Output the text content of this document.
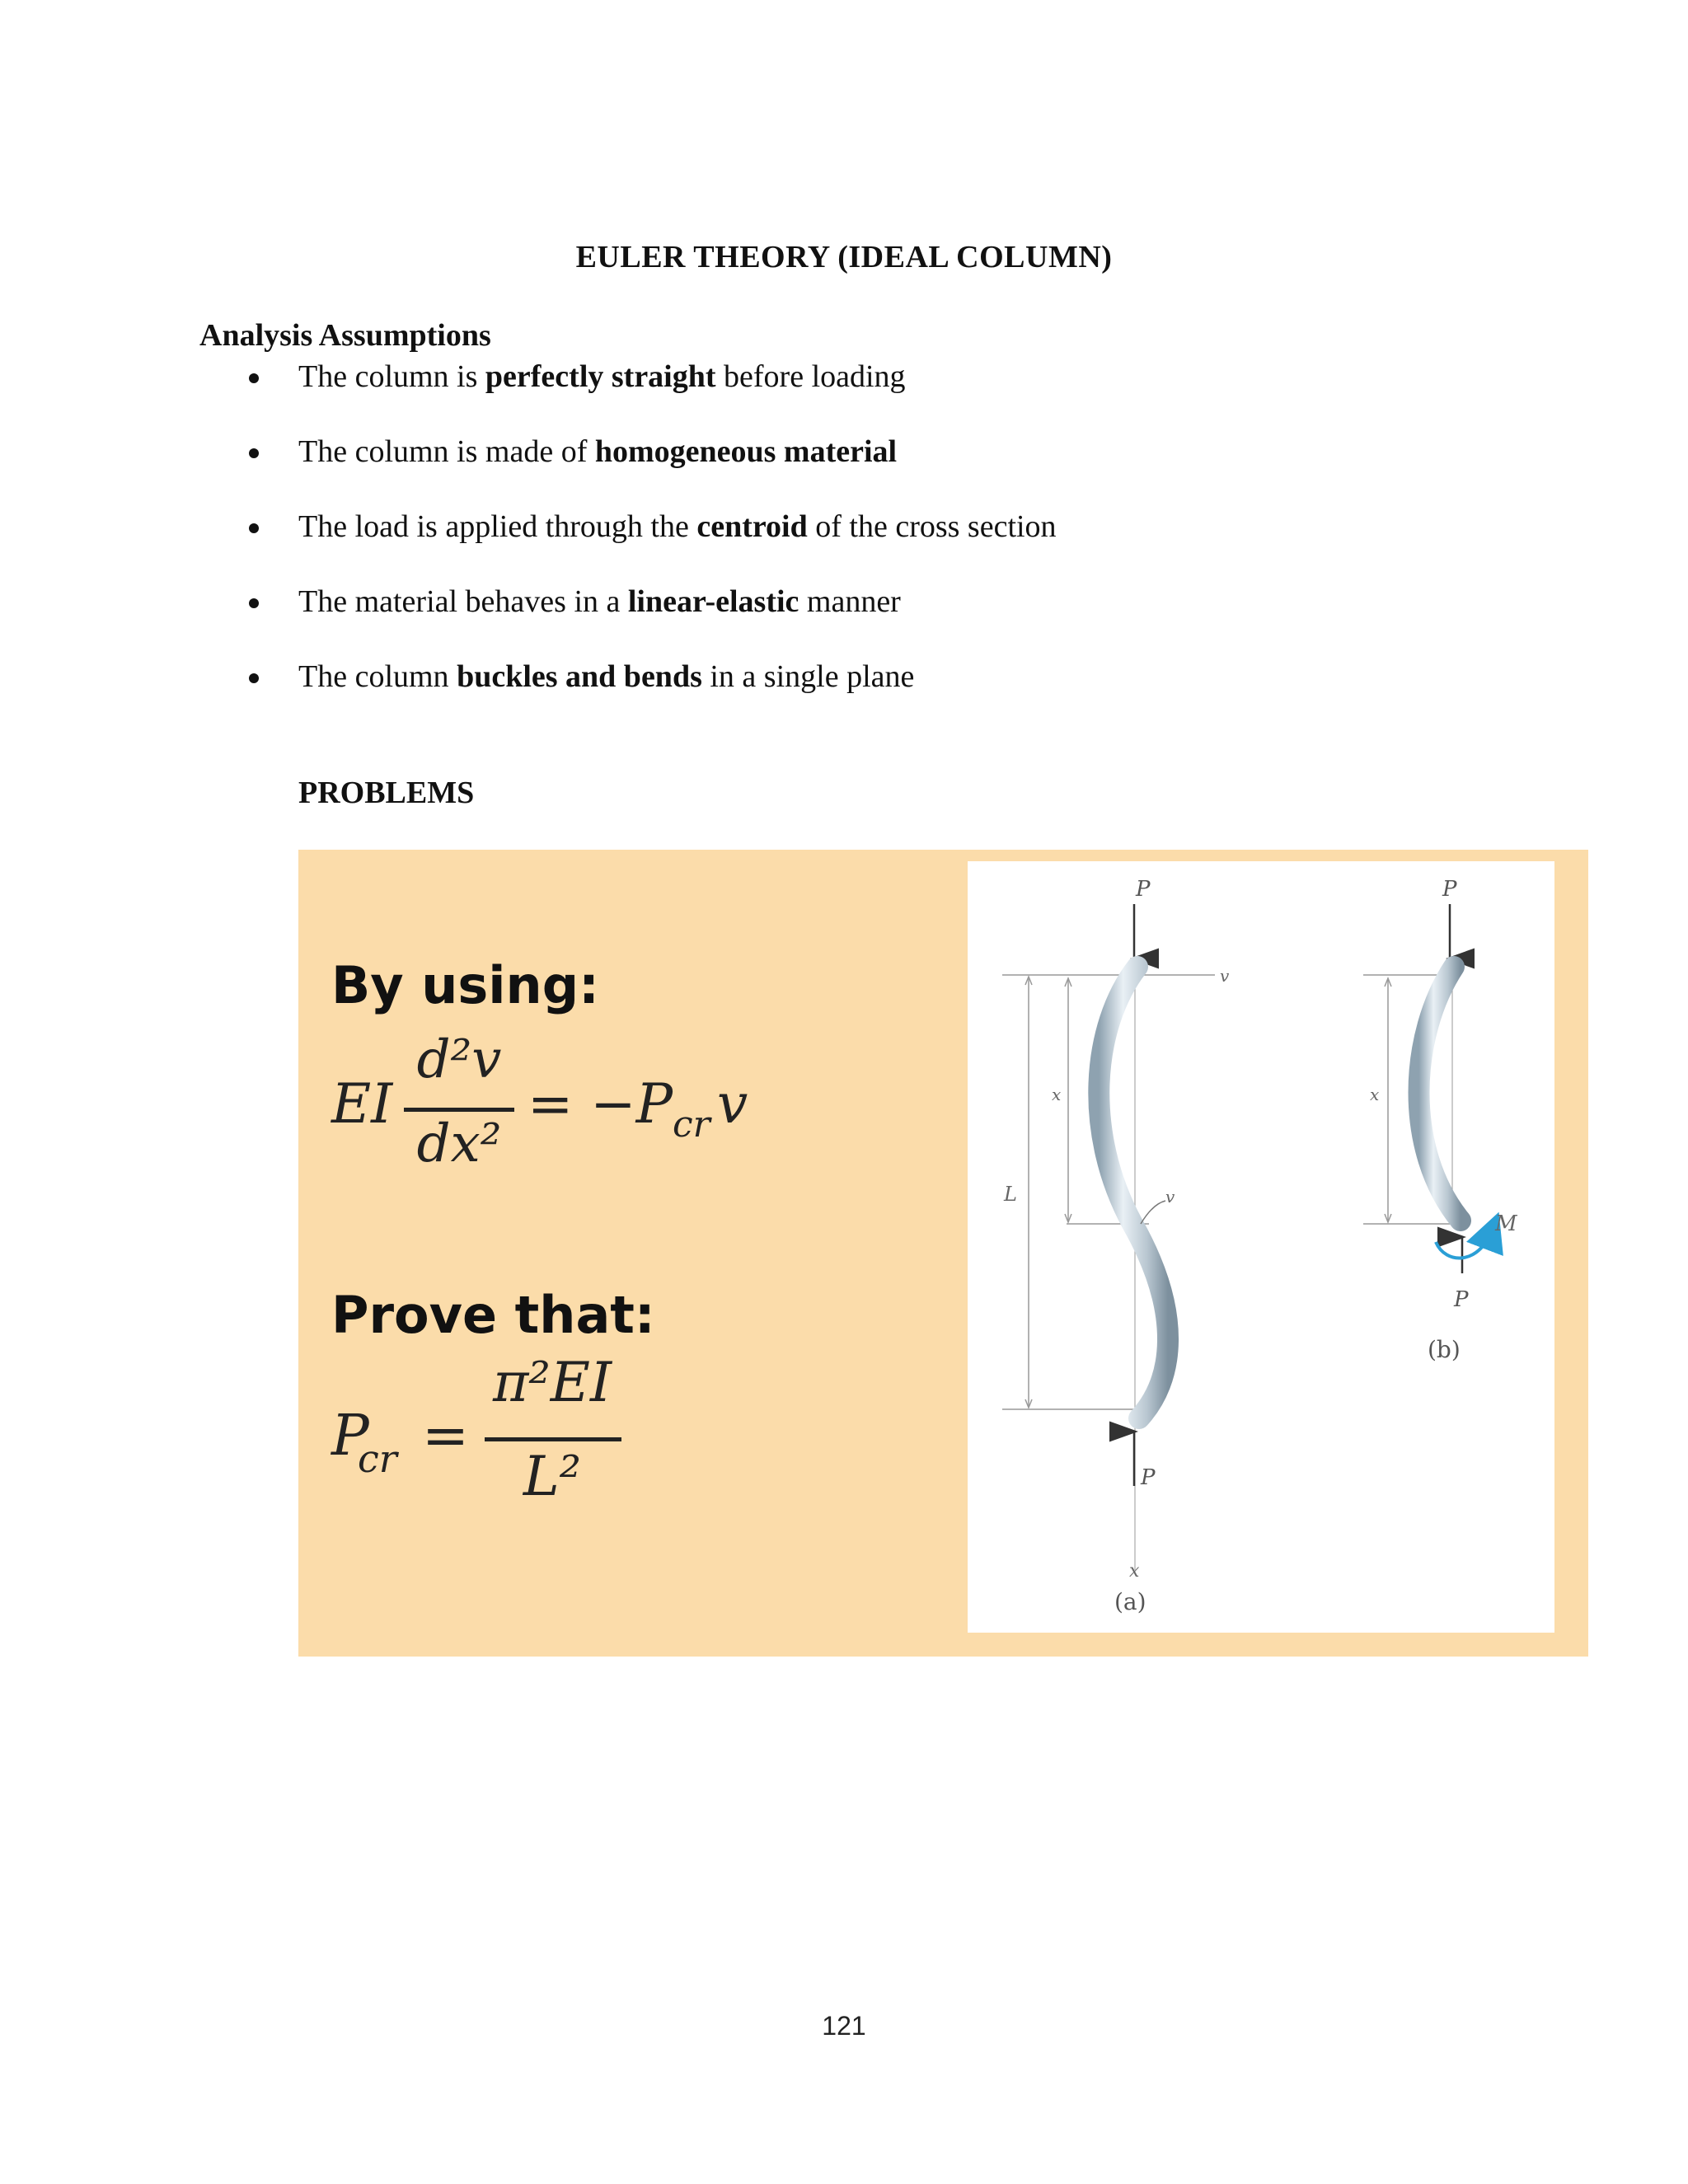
EULER THEORY (IDEAL COLUMN)
Analysis Assumptions
The column is perfectly straight before loading
The column is made of homogeneous material
The load is applied through the centroid of the cross section
The material behaves in a linear-elastic manner
The column buckles and bends in a single plane
PROBLEMS
By using:
EI
d²v
dx²
= −P cr v
Prove that:
P
cr =
π²EI
L²
P
v
L
x
v
P
x
(a)
P
x
P
M
(b)
121
